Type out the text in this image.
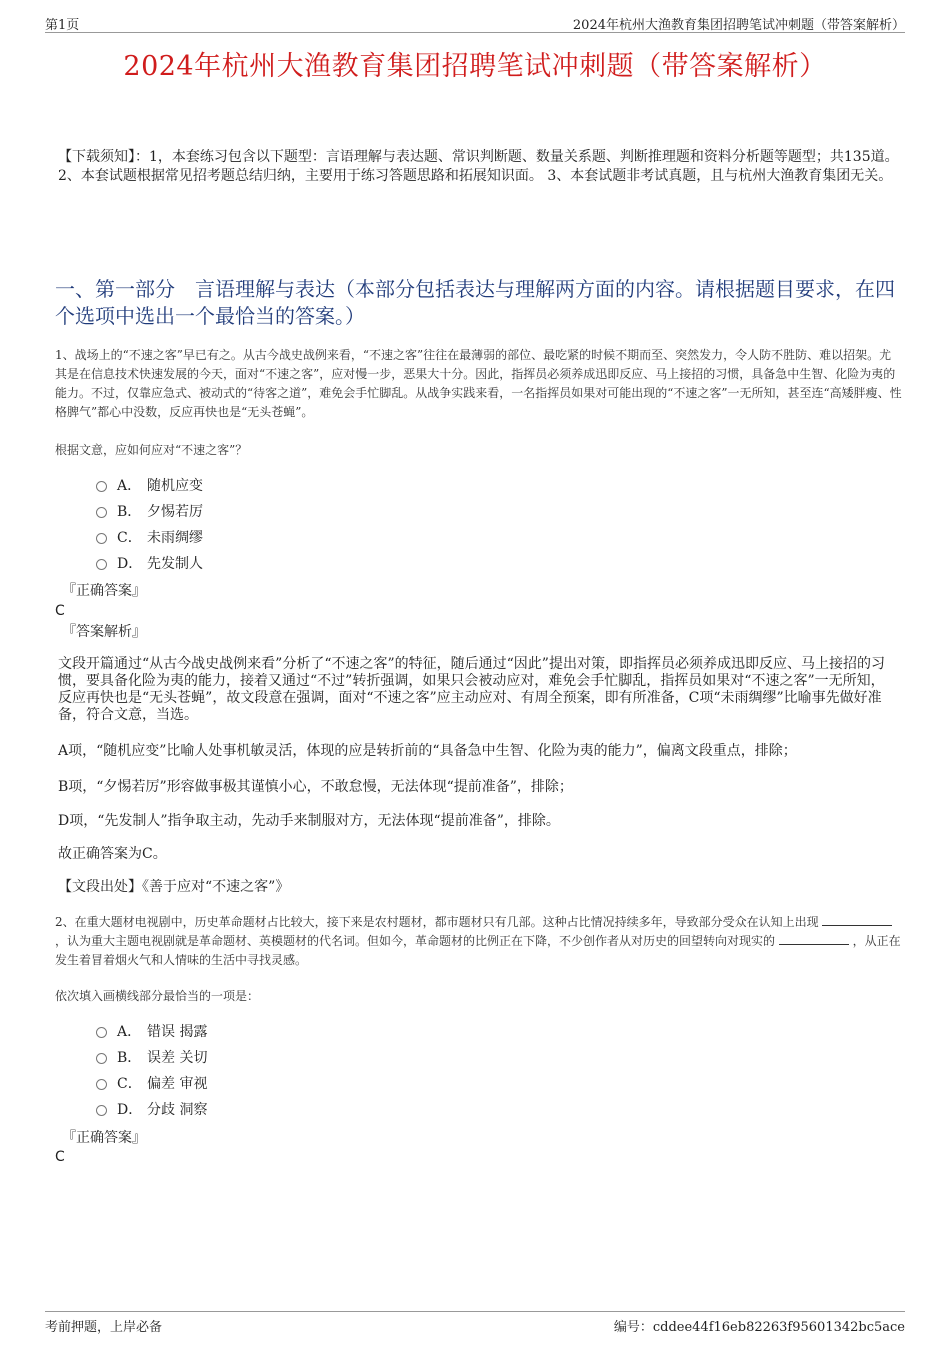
第1页	2024年杭州大渔教育集团招聘笔试冲刺题（带答案解析）
2024年杭州大渔教育集团招聘笔试冲刺题（带答案解析）
【下载须知】：1，本套练习包含以下题型：言语理解与表达题、常识判断题、数量关系题、判断推理题和资料分析题等题型；共135道。 2、本套试题根据常见招考题总结归纳，主要用于练习答题思路和拓展知识面。 3、本套试题非考试真题，且与杭州大渔教育集团无关。
一、第一部分　言语理解与表达（本部分包括表达与理解两方面的内容。请根据题目要求，在四个选项中选出一个最恰当的答案。）
1、战场上的“不速之客”早已有之。从古今战史战例来看，“不速之客”往往在最薄弱的部位、最吃紧的时候不期而至、突然发力，令人防不胜防、难以招架。尤其是在信息技术快速发展的今天，面对“不速之客”，应对慢一步，恶果大十分。因此，指挥员必须养成迅即反应、马上接招的习惯，具备急中生智、化险为夷的能力。不过，仅靠应急式、被动式的“待客之道”，难免会手忙脚乱。从战争实践来看，一名指挥员如果对可能出现的“不速之客”一无所知，甚至连“高矮胖瘦、性格脾气”都心中没数，反应再快也是“无头苍蝇”。
根据文意，应如何应对“不速之客”？
A． 随机应变
B． 夕惕若厉
C． 未雨绸缪
D． 先发制人
『正确答案』
C
『答案解析』
文段开篇通过“从古今战史战例来看”分析了“不速之客”的特征，随后通过“因此”提出对策，即指挥员必须养成迅即反应、马上接招的习惯，要具备化险为夷的能力，接着又通过“不过”转折强调，如果只会被动应对，难免会手忙脚乱，指挥员如果对“不速之客”一无所知，反应再快也是“无头苍蝇”，故文段意在强调，面对“不速之客”应主动应对、有周全预案，即有所准备，C项“未雨绸缪”比喻事先做好准备，符合文意，当选。
A项，“随机应变”比喻人处事机敏灵活，体现的应是转折前的“具备急中生智、化险为夷的能力”，偏离文段重点，排除；
B项，“夕惕若厉”形容做事极其谨慎小心，不敢怠慢，无法体现“提前准备”，排除；
D项，“先发制人”指争取主动，先动手来制服对方，无法体现“提前准备”，排除。
故正确答案为C。
【文段出处】《善于应对“不速之客”》
2、在重大题材电视剧中，历史革命题材占比较大，接下来是农村题材，都市题材只有几部。这种占比情况持续多年，导致部分受众在认知上出现  ，认为重大主题电视剧就是革命题材、英模题材的代名词。但如今，革命题材的比例正在下降，不少创作者从对历史的回望转向对现实的	，从正在发生着冒着烟火气和人情味的生活中寻找灵感。
依次填入画横线部分最恰当的一项是：
A． 错误 揭露
B． 误差 关切
C． 偏差 审视
D． 分歧 洞察
『正确答案』
C
考前押题，上岸必备	编号：cddee44f16eb82263f95601342bc5ace
